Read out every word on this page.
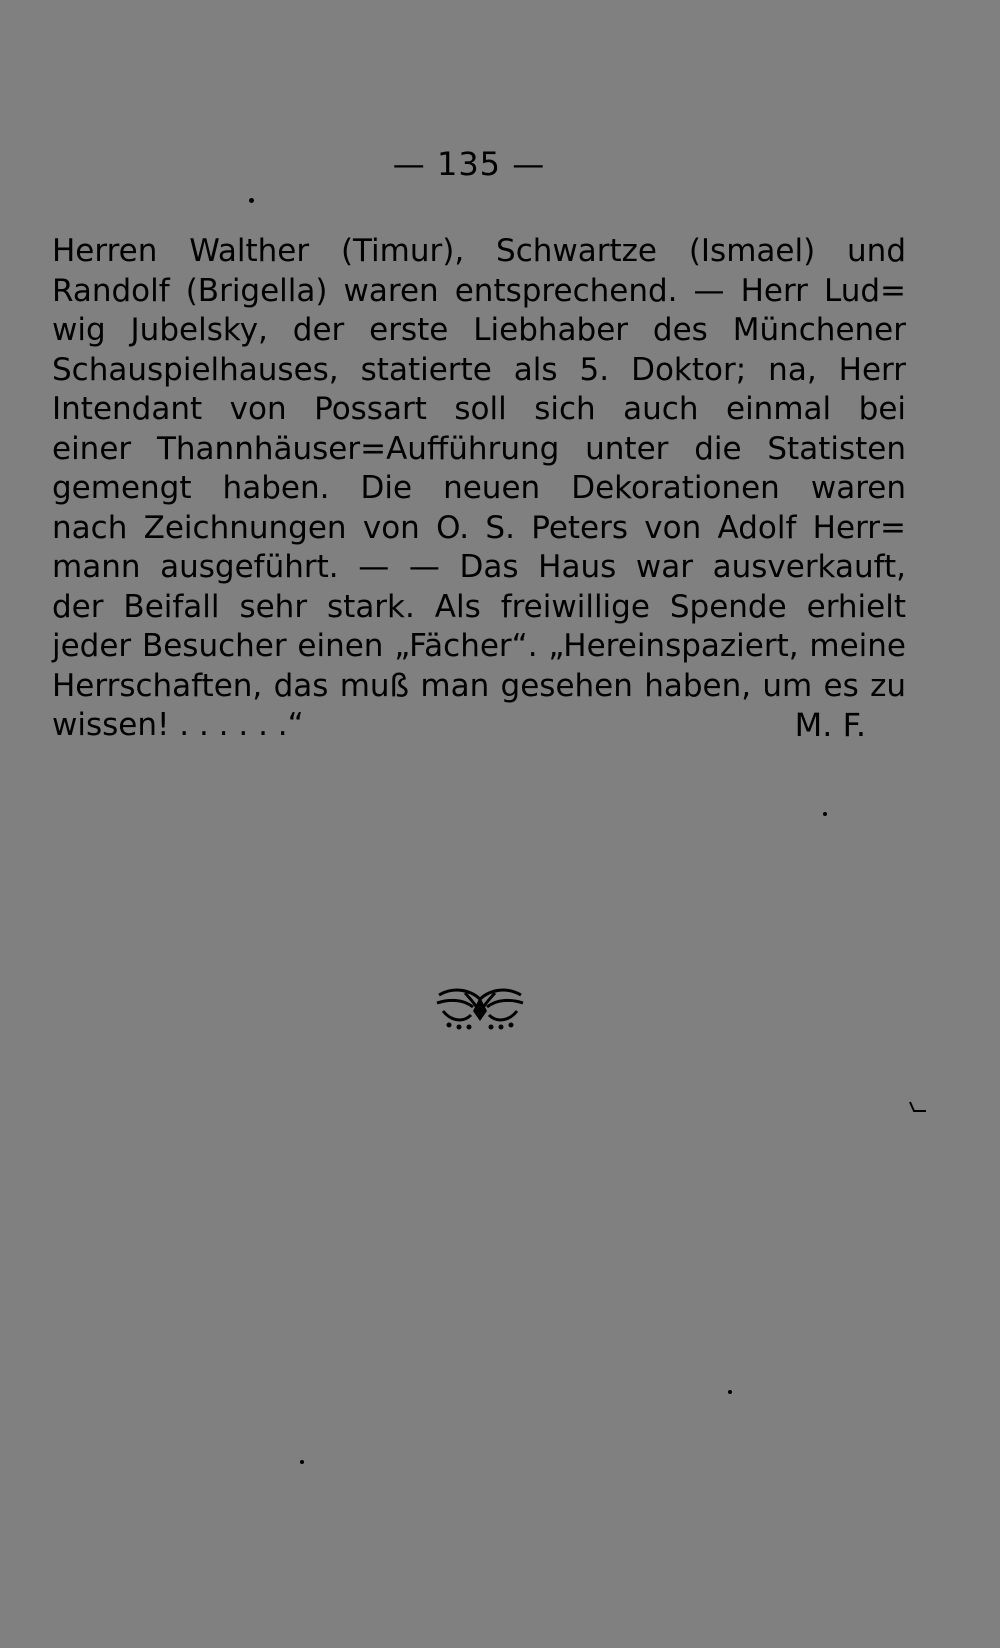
— 135 —
Herren Walther (Timur), Schwartze (Ismael) und
Randolf (Brigella) waren entsprechend. — Herr Lud=
wig Jubelsky, der erste Liebhaber des Münchener
Schauspielhauses, statierte als 5. Doktor; na, Herr
Intendant von Possart soll sich auch einmal bei
einer Thannhäuser=Aufführung unter die Statisten
gemengt haben. Die neuen Dekorationen waren
nach Zeichnungen von O. S. Peters von Adolf Herr=
mann ausgeführt. — — Das Haus war ausverkauft,
der Beifall sehr stark. Als freiwillige Spende erhielt
jeder Besucher einen „Fächer“. „Hereinspaziert, meine
Herrschaften, das muß man gesehen haben, um es zu
wissen! . . . . . .“	M. F.
